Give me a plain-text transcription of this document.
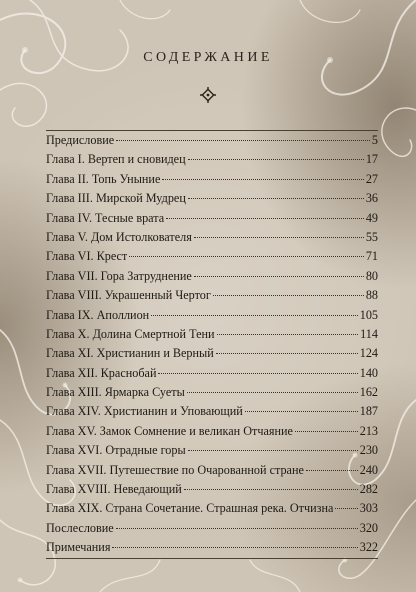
СОДЕРЖАНИЕ
Предисловие	5
Глава I. Вертеп и сновидец	17
Глава II. Топь Уныние	27
Глава III. Мирской Мудрец	36
Глава IV. Тесные врата	49
Глава V. Дом Истолкователя	55
Глава VI. Крест	71
Глава VII. Гора Затруднение	80
Глава VIII. Украшенный Чертог	88
Глава IX. Аполлион	105
Глава X. Долина Смертной Тени	114
Глава XI. Христианин и Верный	124
Глава XII. Краснобай	140
Глава XIII. Ярмарка Суеты	162
Глава XIV. Христианин и Уповающий	187
Глава XV. Замок Сомнение и великан Отчаяние	213
Глава XVI. Отрадные горы	230
Глава XVII. Путешествие по Очарованной стране	240
Глава XVIII. Неведающий	282
Глава XIX. Страна Сочетание. Страшная река. Отчизна 303
Послесловие	320
Примечания	322
